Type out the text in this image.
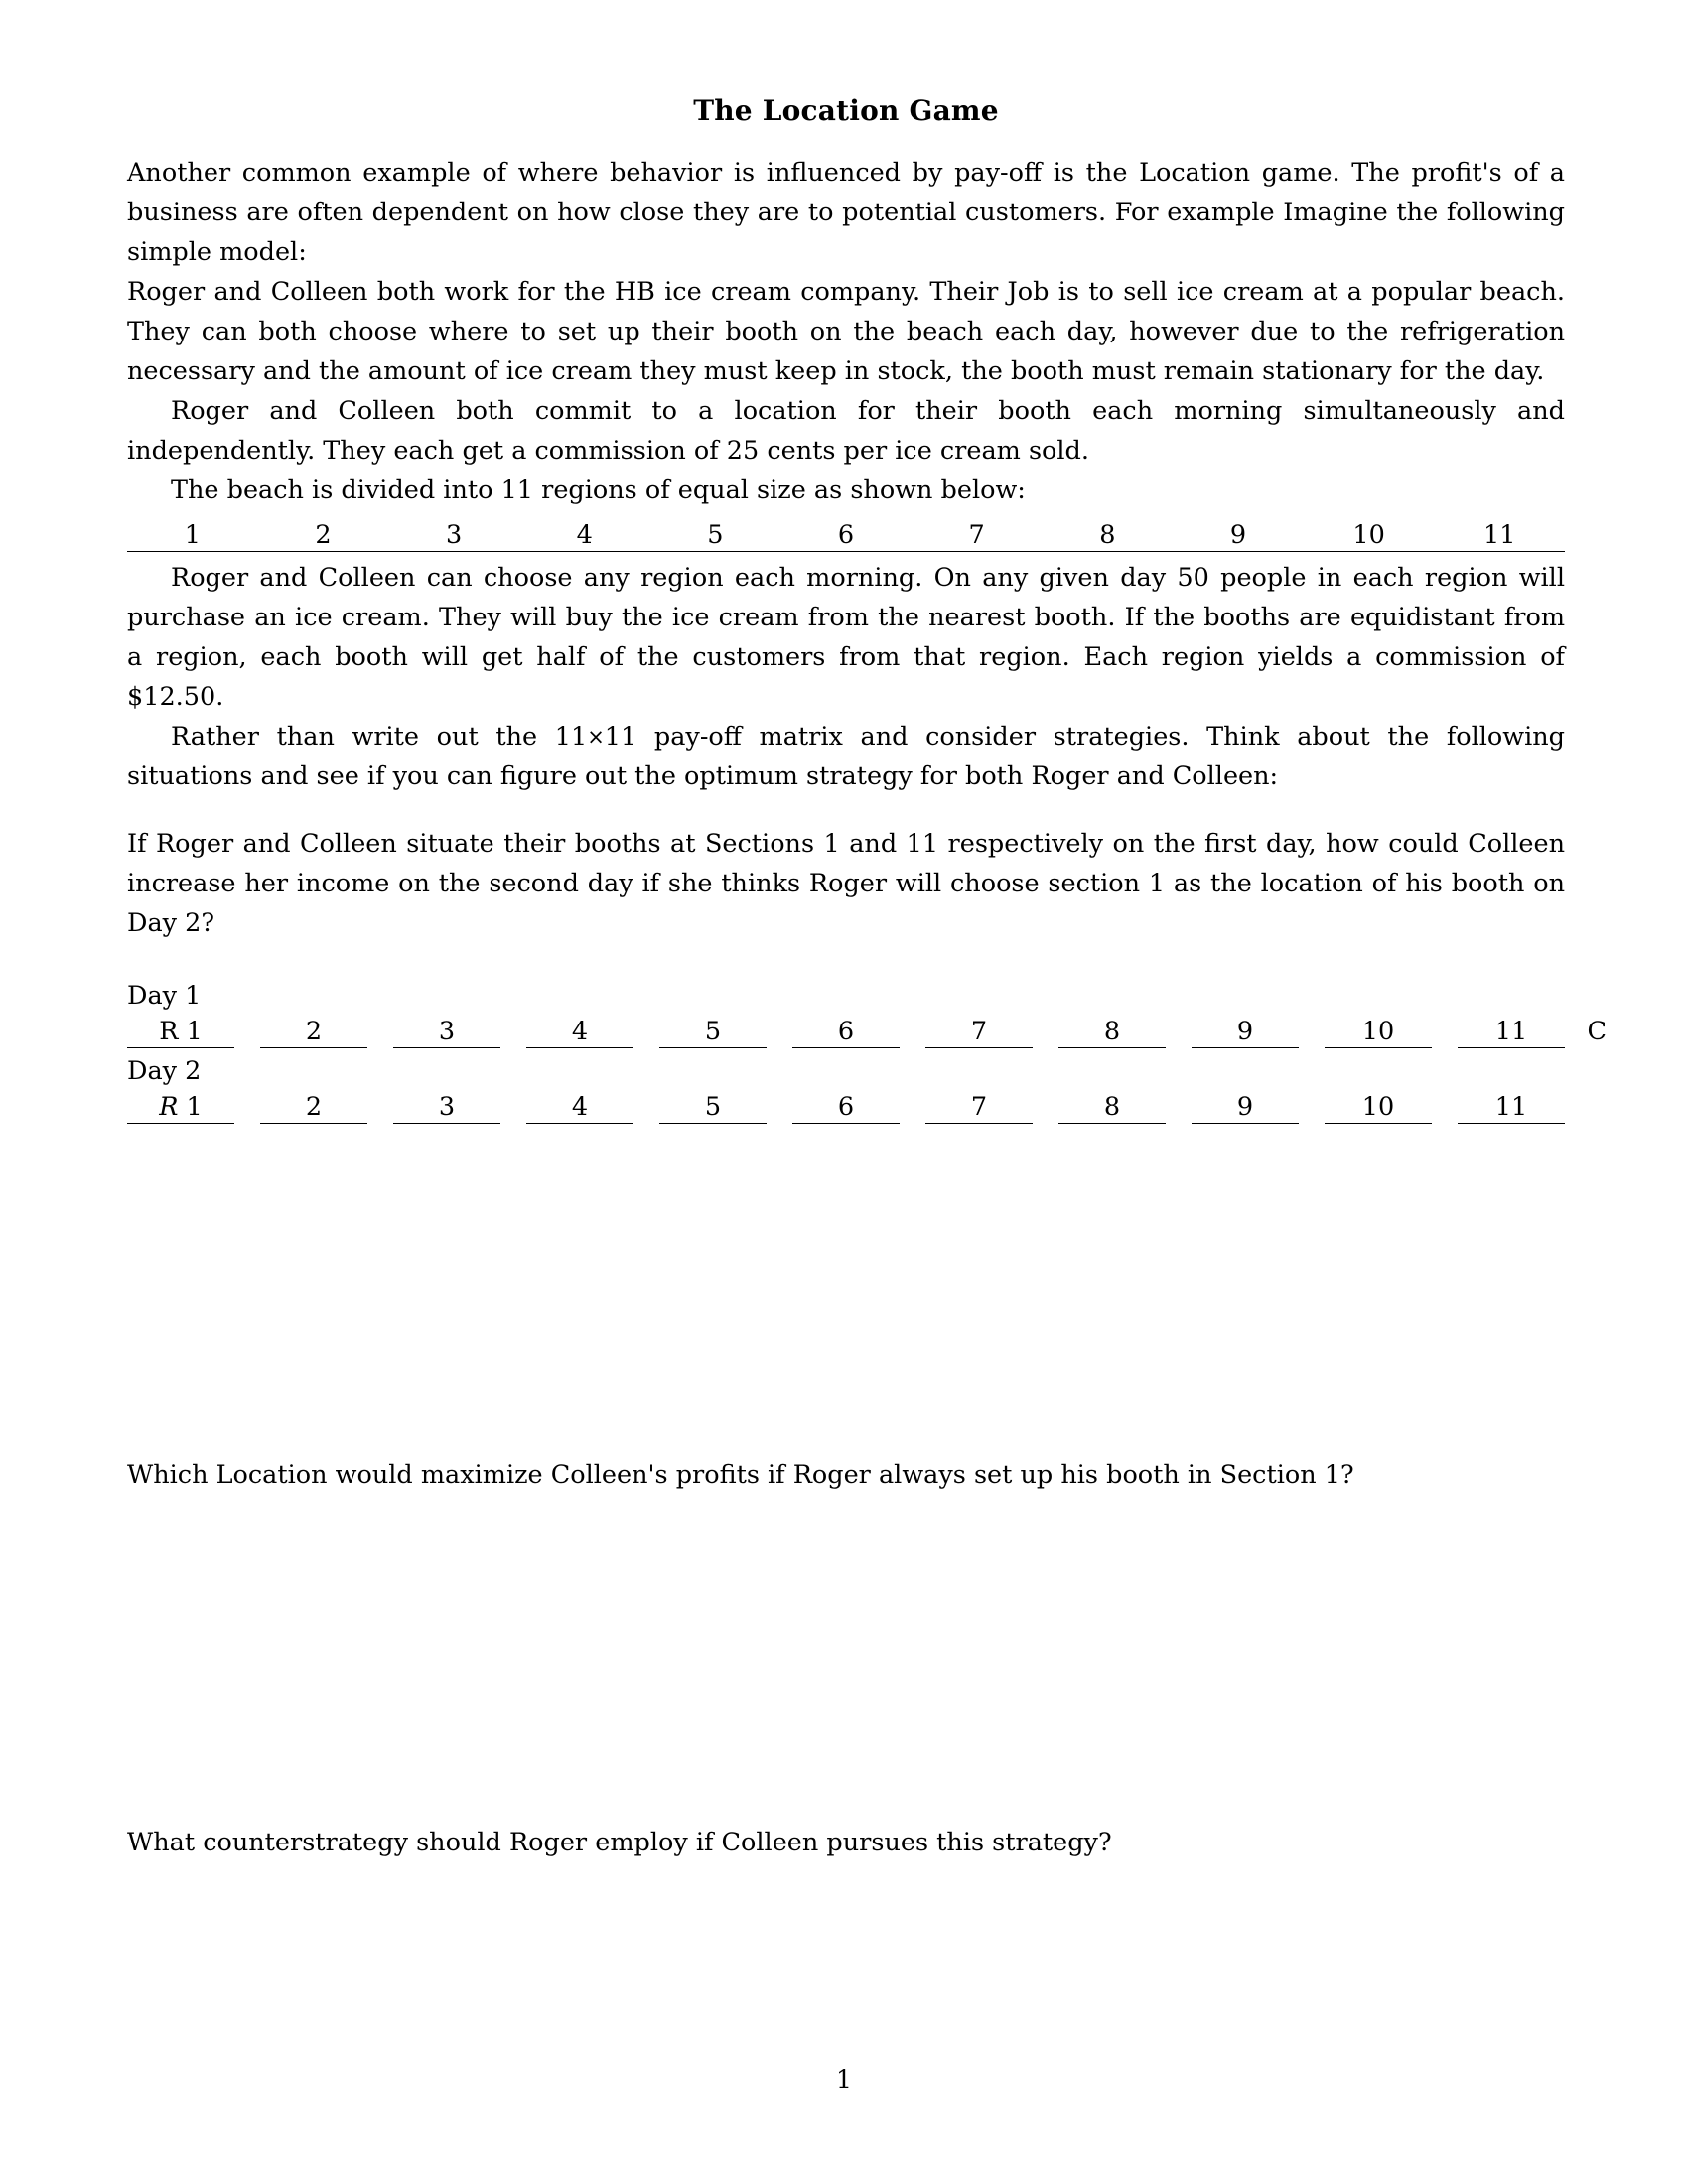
The Location Game

Another common example of where behavior is influenced by pay-off is the Location game. The profit's of a business are often dependent on how close they are to potential customers. For example Imagine the following simple model:

Roger and Colleen both work for the HB ice cream company. Their Job is to sell ice cream at a popular beach. They can both choose where to set up their booth on the beach each day, however due to the refrigeration necessary and the amount of ice cream they must keep in stock, the booth must remain stationary for the day.

Roger and Colleen both commit to a location for their booth each morning simultaneously and independently. They each get a commission of 25 cents per ice cream sold.

The beach is divided into 11 regions of equal size as shown below:

1	2	3	4	5	6	7	8	9	10	11

Roger and Colleen can choose any region each morning. On any given day 50 people in each region will purchase an ice cream. They will buy the ice cream from the nearest booth. If the booths are equidistant from a region, each booth will get half of the customers from that region. Each region yields a commission of $12.50.

Rather than write out the 11×11 pay-off matrix and consider strategies. Think about the following situations and see if you can figure out the optimum strategy for both Roger and Colleen:

If Roger and Colleen situate their booths at Sections 1 and 11 respectively on the first day, how could Colleen increase her income on the second day if she thinks Roger will choose section 1 as the location of his booth on Day 2?

Day 1
R 1	2	3	4	5	6	7	8	9	10	11 C
Day 2
R 1	2	3	4	5	6	7	8	9	10	11

Which Location would maximize Colleen's profits if Roger always set up his booth in Section 1?

What counterstrategy should Roger employ if Colleen pursues this strategy?

1
